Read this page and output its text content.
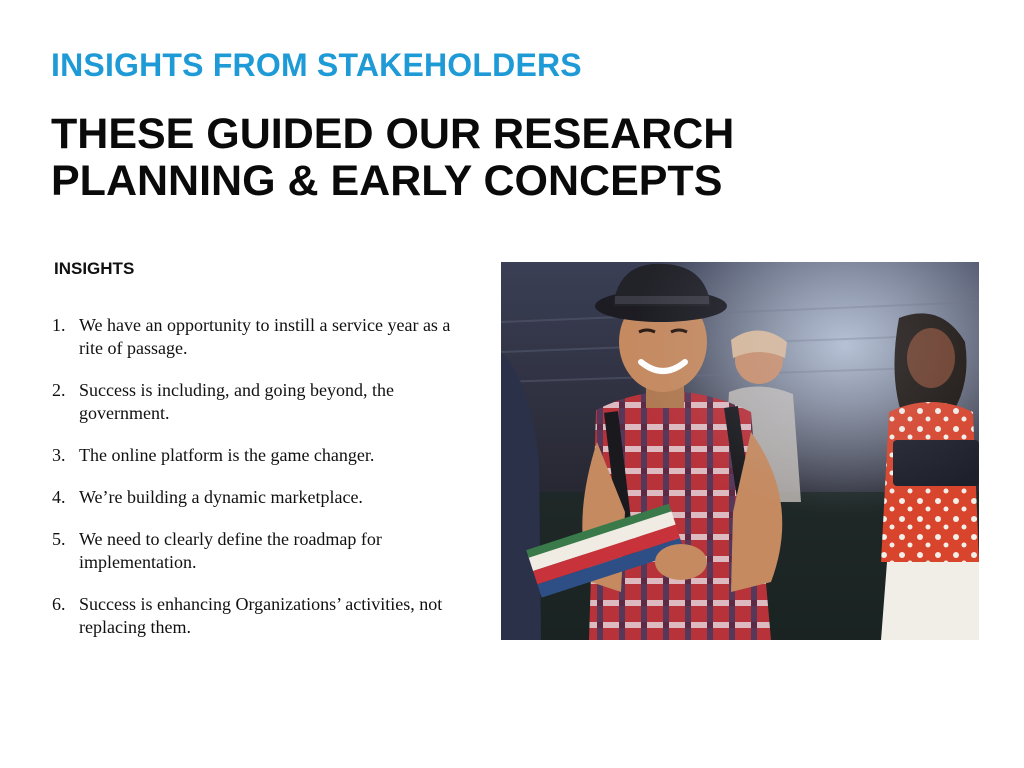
INSIGHTS FROM STAKEHOLDERS
THESE GUIDED OUR RESEARCH
PLANNING & EARLY CONCEPTS
INSIGHTS
1. We have an opportunity to instill a service year as a rite of passage.
2. Success is including, and going beyond, the government.
3. The online platform is the game changer.
4. We’re building a dynamic marketplace.
5. We need to clearly define the roadmap for implementation.
6. Success is enhancing Organizations’ activities, not replacing them.
